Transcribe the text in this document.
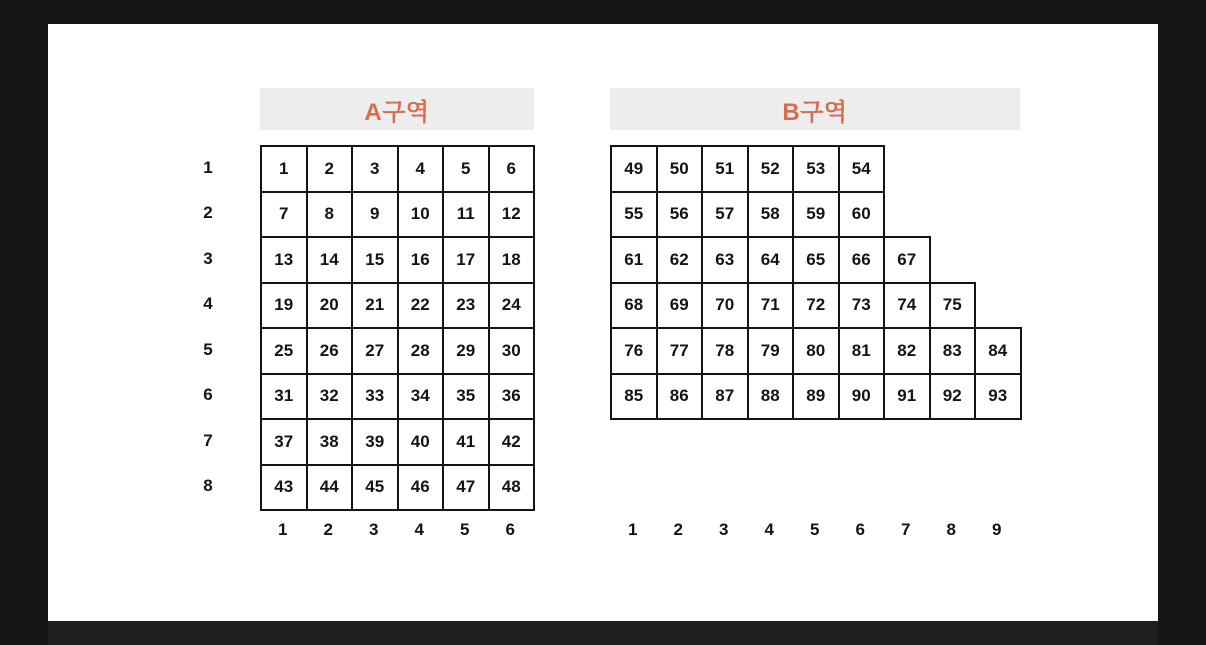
A구역	B구역
1
2
3
4
5
6
7
8
1	2	3	4	5	6
7	8	9	10	11	12
13	14	15	16	17	18
19	20	21	22	23	24
25	26	27	28	29	30
31	32	33	34	35	36
37	38	39	40	41	42
43	44	45	46	47	48
49	50	51	52	53	54
55	56	57	58	59	60
61	62	63	64	65	66	67
68	69	70	71	72	73	74	75
76	77	78	79	80	81	82	83	84
85	86	87	88	89	90	91	92	93
1	2	3	4	5	6	1	2	3	4	5	6	7	8	9
